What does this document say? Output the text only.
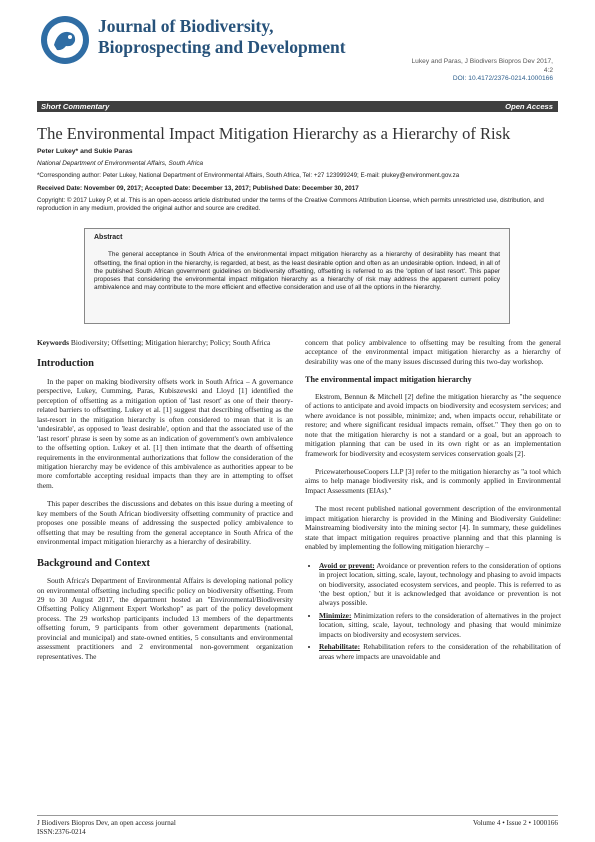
Journal of Biodiversity,
Bioprospecting and Development
Lukey and Paras, J Biodivers Biopros Dev 2017,
4:2
DOI: 10.4172/2376-0214.1000166
Short Commentary	Open Access
The Environmental Impact Mitigation Hierarchy as a Hierarchy of Risk
Peter Lukey* and Sukie Paras
National Department of Environmental Affairs, South Africa
*Corresponding author: Peter Lukey, National Department of Environmental Affairs, South Africa, Tel: +27 123999249; E-mail: plukey@environment.gov.za
Received Date: November 09, 2017; Accepted Date: December 13, 2017; Published Date: December 30, 2017
Copyright: © 2017 Lukey P, et al. This is an open-access article distributed under the terms of the Creative Commons Attribution License, which permits unrestricted use, distribution, and reproduction in any medium, provided the original author and source are credited.
Abstract

The general acceptance in South Africa of the environmental impact mitigation hierarchy as a hierarchy of desirability has meant that offsetting, the final option in the hierarchy, is regarded, at best, as the least desirable option and often as an undesirable option. Indeed, in all of the published South African government guidelines on biodiversity offsetting, offsetting is referred to as the 'option of last resort'. This paper proposes that considering the environmental impact mitigation hierarchy as a hierarchy of risk may address the apparent current policy ambivalence and may contribute to the more efficient and effective consideration and use of all the options in the hierarchy.

Keywords Biodiversity; Offsetting; Mitigation hierarchy; Policy; South Africa

Introduction

In the paper on making biodiversity offsets work in South Africa – A governance perspective, Lukey, Cumming, Paras, Kubiszewski and Lloyd [1] identified the perception of offsetting as a mitigation option of 'last resort' as one of their theory-related barriers to offsetting. Lukey et al. [1] suggest that describing offsetting as the last-resort in the mitigation hierarchy is often considered to mean that it is an 'undesirable', as opposed to 'least desirable', option and that the associated use of the 'last resort' phrase is seen by some as an indication of government's own ambivalence to the offsetting option. Lukey et al. [1] then intimate that the dearth of offsetting requirements in the environmental authorizations that follow the consideration of the mitigation hierarchy may be evidence of this ambivalence as authorities appear to be more comfortable accepting residual impacts than they are in attempting to offset them.

This paper describes the discussions and debates on this issue during a meeting of key members of the South African biodiversity offsetting community of practice and proposes one possible means of addressing the suspected policy ambivalence to offsetting that may be resulting from the general acceptance in South Africa of the environmental impact mitigation hierarchy as a hierarchy of desirability.

Background and Context

South Africa's Department of Environmental Affairs is developing national policy on environmental offsetting including specific policy on biodiversity offsetting. From 29 to 30 August 2017, the department hosted an "Environmental/Biodiversity Offsetting Policy Alignment Expert Workshop" as part of the policy development process. The 29 workshop participants included 13 members of the departments offsetting forum, 9 participants from other government departments (national, provincial and municipal) and state-owned entities, 5 consultants and environmental assessment practitioners and 2 environmental non-government organization representatives. The

concern that policy ambivalence to offsetting may be resulting from the general acceptance of the environmental impact mitigation hierarchy as a hierarchy of desirability was one of the many issues discussed during this two-day workshop.

The environmental impact mitigation hierarchy

Ekstrom, Bennun & Mitchell [2] define the mitigation hierarchy as "the sequence of actions to anticipate and avoid impacts on biodiversity and ecosystem services; and where avoidance is not possible, minimize; and, when impacts occur, rehabilitate or restore; and where significant residual impacts remain, offset." They then go on to note that the mitigation hierarchy is not a standard or a goal, but an approach to mitigation planning that can be used in its own right or as an implementation framework for biodiversity and ecosystem services conservation goals [2].

PricewaterhouseCoopers LLP [3] refer to the mitigation hierarchy as "a tool which aims to help manage biodiversity risk, and is commonly applied in Environmental Impact Assessments (EIAs)."

The most recent published national government description of the environmental impact mitigation hierarchy is provided in the Mining and Biodiversity Guideline: Mainstreaming biodiversity into the mining sector [4]. In summary, these guidelines state that impact mitigation requires proactive planning and that this planning is enabled by implementing the following mitigation hierarchy –

• Avoid or prevent: Avoidance or prevention refers to the consideration of options in project location, sitting, scale, layout, technology and phasing to avoid impacts on biodiversity, associated ecosystem services, and people. This is referred to as 'the best option,' but it is acknowledged that avoidance or prevention is not always possible.
• Minimize: Minimization refers to the consideration of alternatives in the project location, sitting, scale, layout, technology and phasing that would minimize impacts on biodiversity and ecosystem services.
• Rehabilitate: Rehabilitation refers to the consideration of the rehabilitation of areas where impacts are unavoidable and
J Biodivers Biopros Dev, an open access journal
ISSN:2376-0214
Volume 4 • Issue 2 • 1000166
